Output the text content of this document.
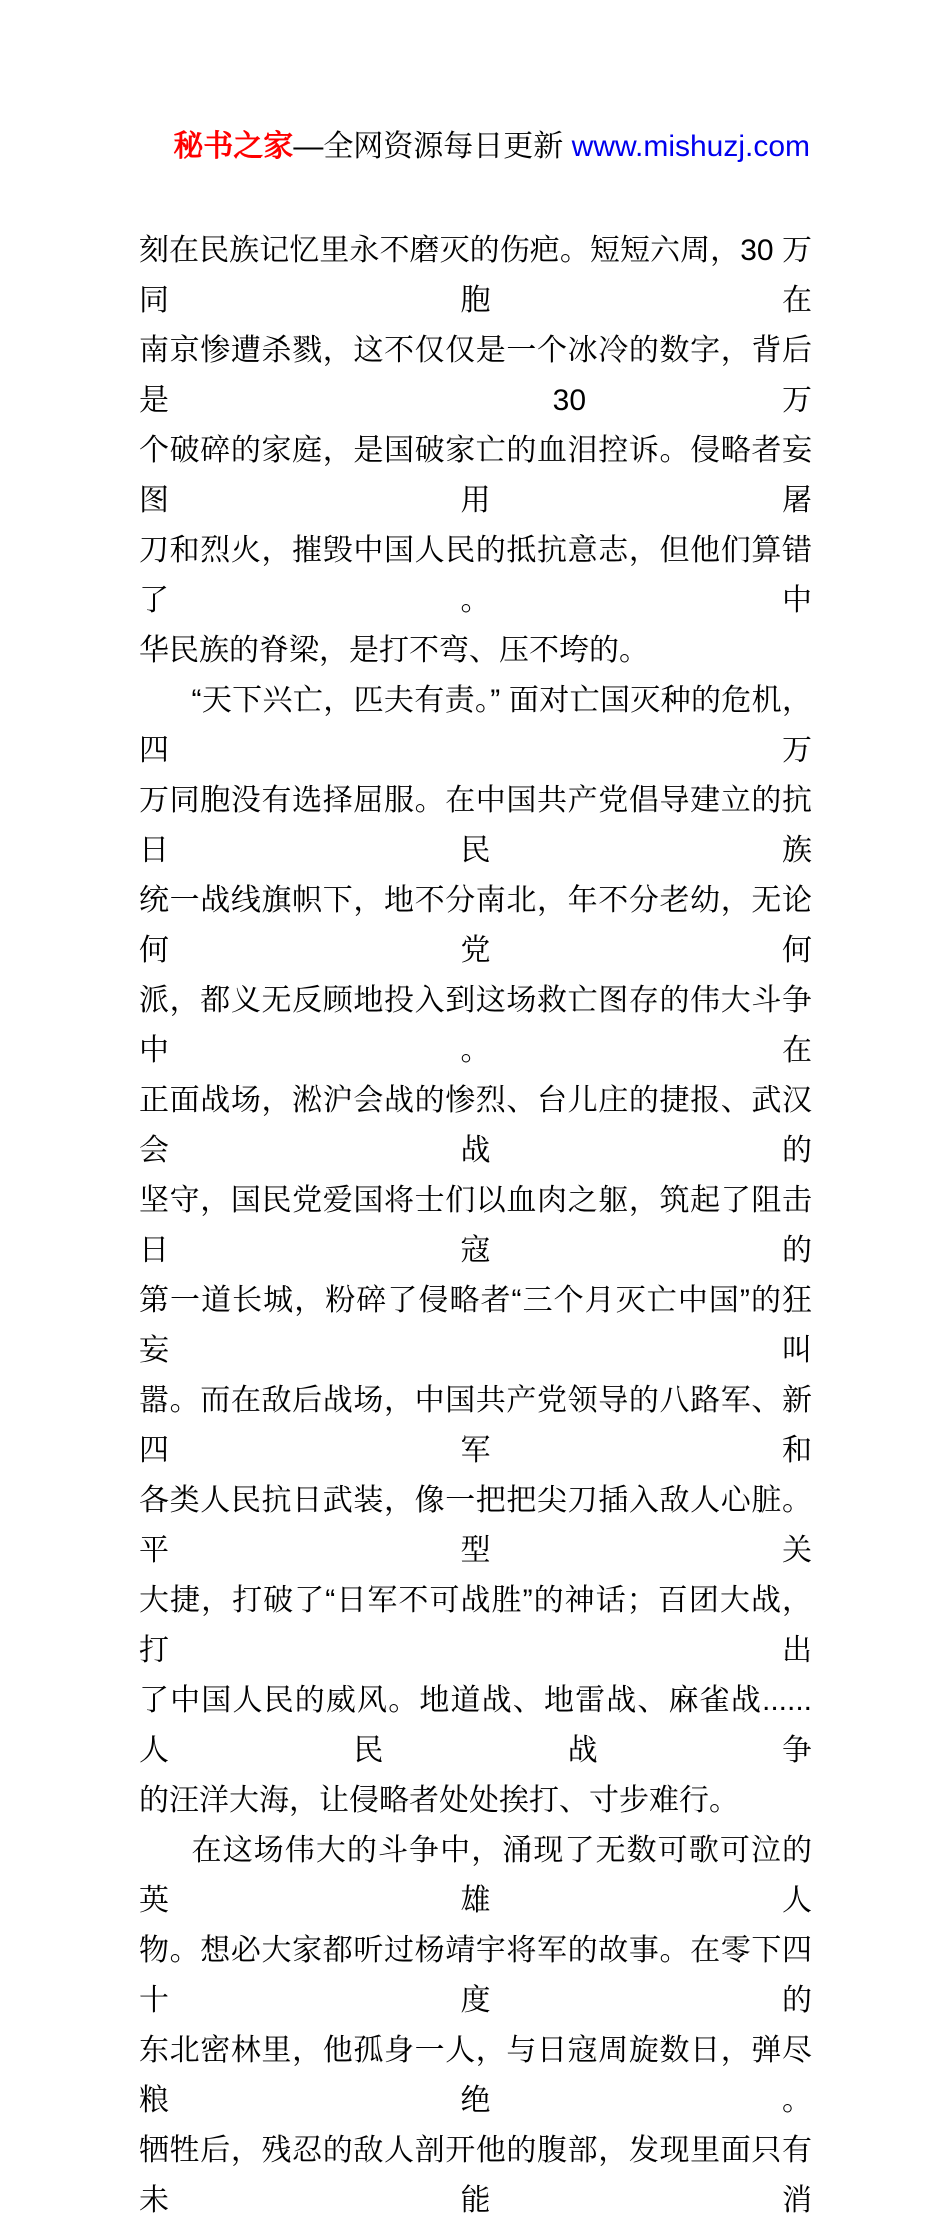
秘书之家—全网资源每日更新 www.mishuzj.com

刻在民族记忆里永不磨灭的伤疤。短短六周，30 万同胞在
南京惨遭杀戮，这不仅仅是一个冰冷的数字，背后是 30 万
个破碎的家庭，是国破家亡的血泪控诉。侵略者妄图用屠
刀和烈火，摧毁中国人民的抵抗意志，但他们算错了。中
华民族的脊梁，是打不弯、压不垮的。
“天下兴亡，匹夫有责。” 面对亡国灭种的危机，四万
万同胞没有选择屈服。在中国共产党倡导建立的抗日民族
统一战线旗帜下，地不分南北，年不分老幼，无论何党何
派，都义无反顾地投入到这场救亡图存的伟大斗争中。在
正面战场，淞沪会战的惨烈、台儿庄的捷报、武汉会战的
坚守，国民党爱国将士们以血肉之躯，筑起了阻击日寇的
第一道长城，粉碎了侵略者“三个月灭亡中国”的狂妄叫
嚣。而在敌后战场，中国共产党领导的八路军、新四军和
各类人民抗日武装，像一把把尖刀插入敌人心脏。平型关
大捷，打破了“日军不可战胜”的神话；百团大战，打出
了中国人民的威风。地道战、地雷战、麻雀战......人民战争
的汪洋大海，让侵略者处处挨打、寸步难行。
在这场伟大的斗争中，涌现了无数可歌可泣的英雄人
物。想必大家都听过杨靖宇将军的故事。在零下四十度的
东北密林里，他孤身一人，与日寇周旋数日，弹尽粮绝。
牺牲后，残忍的敌人剖开他的腹部，发现里面只有未能消
